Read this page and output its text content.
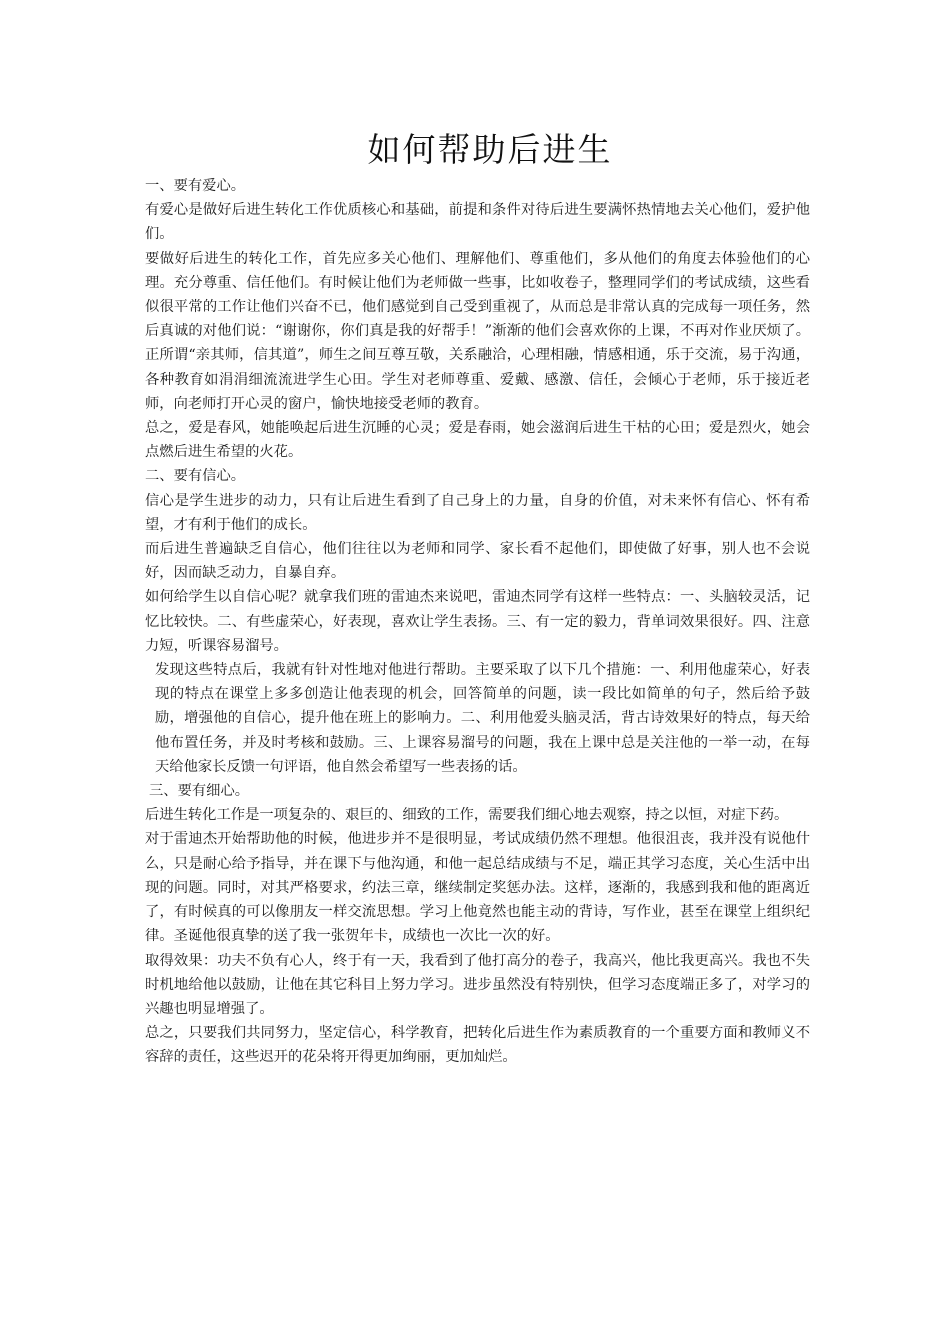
如何帮助后进生

一、要有爱心。

有爱心是做好后进生转化工作优质核心和基础，前提和条件对待后进生要满怀热情地去关心他们，爱护他们。

要做好后进生的转化工作，首先应多关心他们、理解他们、尊重他们，多从他们的角度去体验他们的心理。充分尊重、信任他们。有时候让他们为老师做一些事，比如收卷子，整理同学们的考试成绩，这些看似很平常的工作让他们兴奋不已，他们感觉到自己受到重视了，从而总是非常认真的完成每一项任务，然后真诚的对他们说：“谢谢你，你们真是我的好帮手！”渐渐的他们会喜欢你的上课，不再对作业厌烦了。正所谓“亲其师，信其道”，师生之间互尊互敬，关系融洽，心理相融，情感相通，乐于交流，易于沟通，各种教育如涓涓细流流进学生心田。学生对老师尊重、爱戴、感激、信任，会倾心于老师，乐于接近老师，向老师打开心灵的窗户，愉快地接受老师的教育。

总之，爱是春风，她能唤起后进生沉睡的心灵；爱是春雨，她会滋润后进生干枯的心田；爱是烈火，她会点燃后进生希望的火花。

二、要有信心。

信心是学生进步的动力，只有让后进生看到了自己身上的力量，自身的价值，对未来怀有信心、怀有希望，才有利于他们的成长。

而后进生普遍缺乏自信心，他们往往以为老师和同学、家长看不起他们，即使做了好事，别人也不会说好，因而缺乏动力，自暴自弃。

如何给学生以自信心呢？就拿我们班的雷迪杰来说吧，雷迪杰同学有这样一些特点：一、头脑较灵活，记忆比较快。二、有些虚荣心，好表现，喜欢让学生表扬。三、有一定的毅力，背单词效果很好。四、注意力短，听课容易溜号。

发现这些特点后，我就有针对性地对他进行帮助。主要采取了以下几个措施：一、利用他虚荣心，好表现的特点在课堂上多多创造让他表现的机会，回答简单的问题，读一段比如简单的句子，然后给予鼓励，增强他的自信心，提升他在班上的影响力。二、利用他爱头脑灵活，背古诗效果好的特点，每天给他布置任务，并及时考核和鼓励。三、上课容易溜号的问题，我在上课中总是关注他的一举一动，在每天给他家长反馈一句评语，他自然会希望写一些表扬的话。

三、要有细心。

后进生转化工作是一项复杂的、艰巨的、细致的工作，需要我们细心地去观察，持之以恒，对症下药。

对于雷迪杰开始帮助他的时候，他进步并不是很明显，考试成绩仍然不理想。他很沮丧，我并没有说他什么，只是耐心给予指导，并在课下与他沟通，和他一起总结成绩与不足，端正其学习态度，关心生活中出现的问题。同时，对其严格要求，约法三章，继续制定奖惩办法。这样，逐渐的，我感到我和他的距离近了，有时候真的可以像朋友一样交流思想。学习上他竟然也能主动的背诗，写作业，甚至在课堂上组织纪律。圣诞他很真挚的送了我一张贺年卡，成绩也一次比一次的好。

取得效果：功夫不负有心人，终于有一天，我看到了他打高分的卷子，我高兴，他比我更高兴。我也不失时机地给他以鼓励，让他在其它科目上努力学习。进步虽然没有特别快，但学习态度端正多了，对学习的兴趣也明显增强了。

总之，只要我们共同努力，坚定信心，科学教育，把转化后进生作为素质教育的一个重要方面和教师义不容辞的责任，这些迟开的花朵将开得更加绚丽，更加灿烂。
